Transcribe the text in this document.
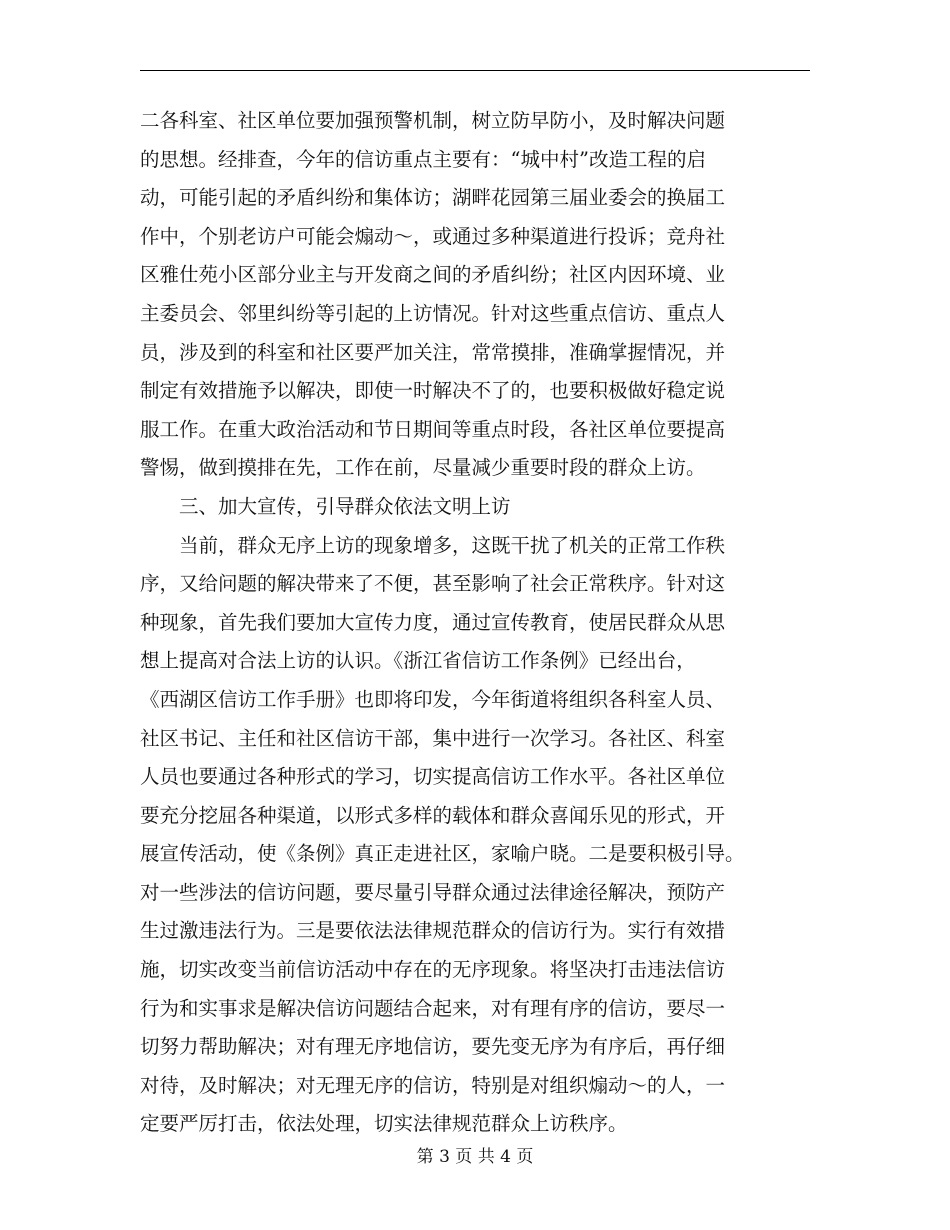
二各科室、社区单位要加强预警机制，树立防早防小，及时解决问题
的思想。经排查，今年的信访重点主要有：“城中村”改造工程的启
动，可能引起的矛盾纠纷和集体访；湖畔花园第三届业委会的换届工
作中，个别老访户可能会煽动～，或通过多种渠道进行投诉；竞舟社
区雅仕苑小区部分业主与开发商之间的矛盾纠纷；社区内因环境、业
主委员会、邻里纠纷等引起的上访情况。针对这些重点信访、重点人
员，涉及到的科室和社区要严加关注，常常摸排，准确掌握情况，并
制定有效措施予以解决，即使一时解决不了的，也要积极做好稳定说
服工作。在重大政治活动和节日期间等重点时段，各社区单位要提高
警惕，做到摸排在先，工作在前，尽量减少重要时段的群众上访。
　　三、加大宣传，引导群众依法文明上访
　　当前，群众无序上访的现象增多，这既干扰了机关的正常工作秩
序，又给问题的解决带来了不便，甚至影响了社会正常秩序。针对这
种现象，首先我们要加大宣传力度，通过宣传教育，使居民群众从思
想上提高对合法上访的认识。《浙江省信访工作条例》已经出台，
《西湖区信访工作手册》也即将印发，今年街道将组织各科室人员、
社区书记、主任和社区信访干部，集中进行一次学习。各社区、科室
人员也要通过各种形式的学习，切实提高信访工作水平。各社区单位
要充分挖屈各种渠道，以形式多样的载体和群众喜闻乐见的形式，开
展宣传活动，使《条例》真正走进社区，家喻户晓。二是要积极引导。
对一些涉法的信访问题，要尽量引导群众通过法律途径解决，预防产
生过激违法行为。三是要依法法律规范群众的信访行为。实行有效措
施，切实改变当前信访活动中存在的无序现象。将坚决打击违法信访
行为和实事求是解决信访问题结合起来，对有理有序的信访，要尽一
切努力帮助解决；对有理无序地信访，要先变无序为有序后，再仔细
对待，及时解决；对无理无序的信访，特别是对组织煽动～的人，一
定要严厉打击，依法处理，切实法律规范群众上访秩序。
第 3 页 共 4 页
